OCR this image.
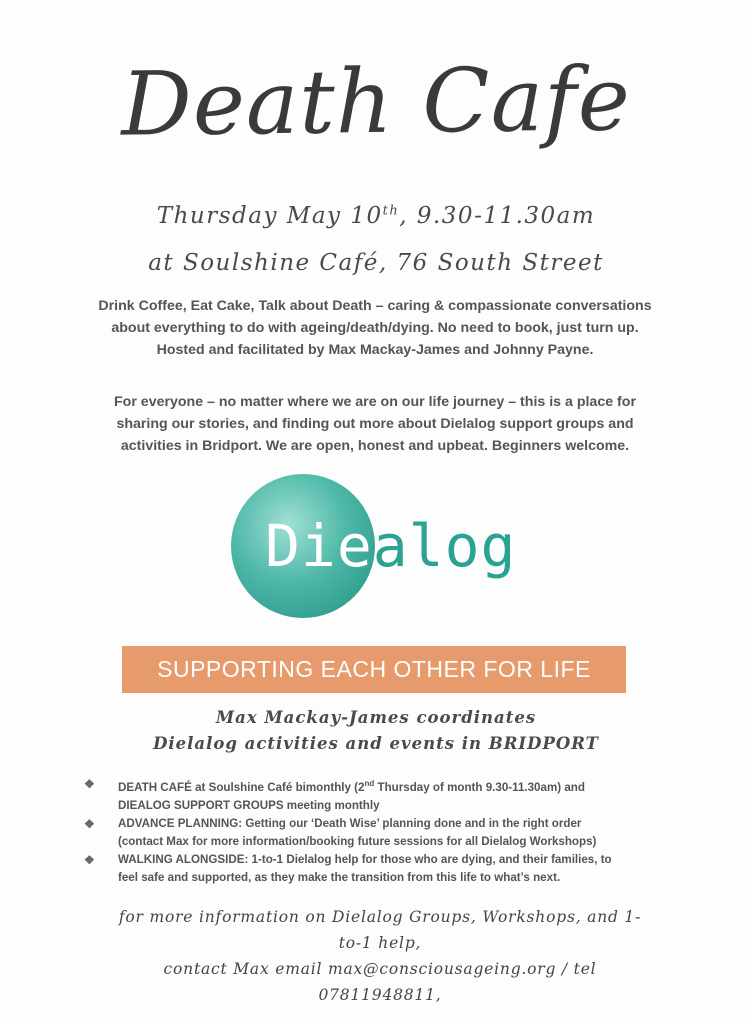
Death Cafe
Thursday May 10th, 9.30-11.30am
at Soulshine Café, 76 South Street
Drink Coffee, Eat Cake, Talk about Death – caring & compassionate conversations
about everything to do with ageing/death/dying. No need to book, just turn up.
Hosted and facilitated by Max Mackay-James and Johnny Payne.
For everyone – no matter where we are on our life journey – this is a place for
sharing our stories, and finding out more about Dielalog support groups and
activities in Bridport. We are open, honest and upbeat. Beginners welcome.
Diealog
SUPPORTING EACH OTHER FOR LIFE
Max Mackay-James coordinates
Dielalog activities and events in BRIDPORT
❖ DEATH CAFÉ at Soulshine Café bimonthly (2nd Thursday of month 9.30-11.30am) and
DIEALOG SUPPORT GROUPS meeting monthly
❖ ADVANCE PLANNING: Getting our ‘Death Wise’ planning done and in the right order
(contact Max for more information/booking future sessions for all Dielalog Workshops)
❖ WALKING ALONGSIDE: 1-to-1 Dielalog help for those who are dying, and their families, to
feel safe and supported, as they make the transition from this life to what’s next.
for more information on Dielalog Groups, Workshops, and 1-
to-1 help,
contact Max email max@consciousageing.org / tel
07811948811,
